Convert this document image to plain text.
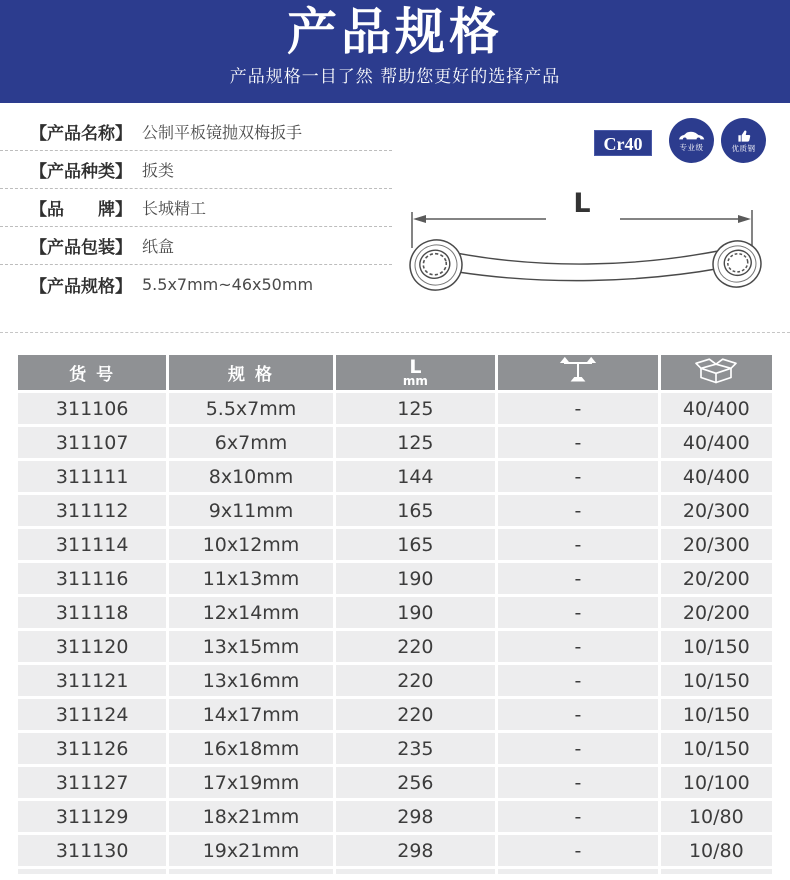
产品规格
产品规格一目了然 帮助您更好的选择产品
【产品名称】 公制平板镜抛双梅扳手
【产品种类】 扳类
【品　　牌】 长城精工
【产品包装】 纸盒
【产品规格】 5.5x7mm~46x50mm
Cr40	专业级	优质钢
L
货 号	规 格	L
mm

311106	5.5x7mm	125	-	40/400
311107	6x7mm	125	-	40/400
311111	8x10mm	144	-	40/400
311112	9x11mm	165	-	20/300
311114	10x12mm	165	-	20/300
311116	11x13mm	190	-	20/200
311118	12x14mm	190	-	20/200
311120	13x15mm	220	-	10/150
311121	13x16mm	220	-	10/150
311124	14x17mm	220	-	10/150
311126	16x18mm	235	-	10/150
311127	17x19mm	256	-	10/100
311129	18x21mm	298	-	10/80
311130	19x21mm	298	-	10/80
